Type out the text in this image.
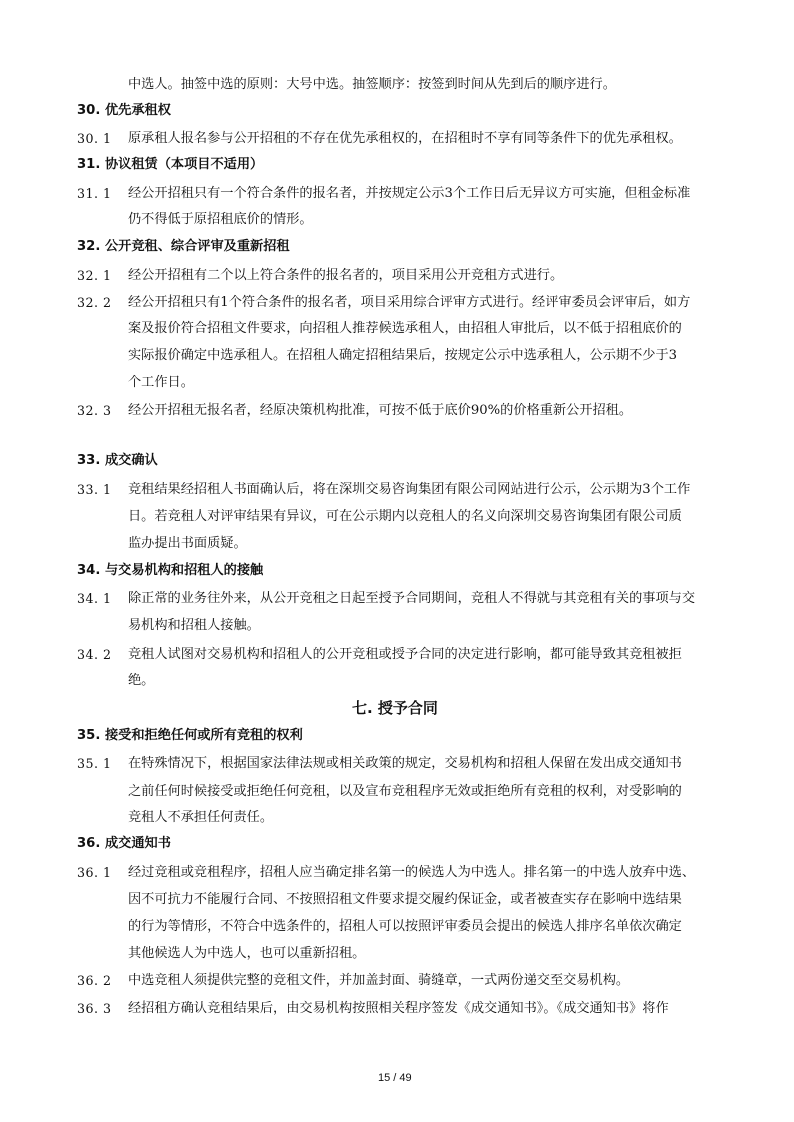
中选人。抽签中选的原则：大号中选。抽签顺序：按签到时间从先到后的顺序进行。
30. 优先承租权
30. 1 原承租人报名参与公开招租的不存在优先承租权的，在招租时不享有同等条件下的优先承租权。
31. 协议租赁（本项目不适用）
31. 1 经公开招租只有一个符合条件的报名者，并按规定公示3个工作日后无异议方可实施，但租金标准
仍不得低于原招租底价的情形。
32. 公开竞租、综合评审及重新招租
32. 1 经公开招租有二个以上符合条件的报名者的，项目采用公开竞租方式进行。
32. 2 经公开招租只有1个符合条件的报名者，项目采用综合评审方式进行。经评审委员会评审后，如方
案及报价符合招租文件要求，向招租人推荐候选承租人，由招租人审批后，以不低于招租底价的
实际报价确定中选承租人。在招租人确定招租结果后，按规定公示中选承租人，公示期不少于3
个工作日。
32. 3 经公开招租无报名者，经原决策机构批准，可按不低于底价90%的价格重新公开招租。
33. 成交确认
33. 1 竞租结果经招租人书面确认后，将在深圳交易咨询集团有限公司网站进行公示，公示期为3个工作
日。若竞租人对评审结果有异议，可在公示期内以竞租人的名义向深圳交易咨询集团有限公司质
监办提出书面质疑。
34. 与交易机构和招租人的接触
34. 1 除正常的业务往外来，从公开竞租之日起至授予合同期间，竞租人不得就与其竞租有关的事项与交
易机构和招租人接触。
34. 2 竞租人试图对交易机构和招租人的公开竞租或授予合同的决定进行影响，都可能导致其竞租被拒
绝。
七. 授予合同
35. 接受和拒绝任何或所有竞租的权利
35. 1 在特殊情况下，根据国家法律法规或相关政策的规定，交易机构和招租人保留在发出成交通知书
之前任何时候接受或拒绝任何竞租，以及宣布竞租程序无效或拒绝所有竞租的权利，对受影响的
竞租人不承担任何责任。
36. 成交通知书
36. 1 经过竞租或竞租程序，招租人应当确定排名第一的候选人为中选人。排名第一的中选人放弃中选、
因不可抗力不能履行合同、不按照招租文件要求提交履约保证金，或者被查实存在影响中选结果
的行为等情形，不符合中选条件的，招租人可以按照评审委员会提出的候选人排序名单依次确定
其他候选人为中选人，也可以重新招租。
36. 2 中选竞租人须提供完整的竞租文件，并加盖封面、骑缝章，一式两份递交至交易机构。
36. 3 经招租方确认竞租结果后，由交易机构按照相关程序签发《成交通知书》。《成交通知书》将作
15 / 49
